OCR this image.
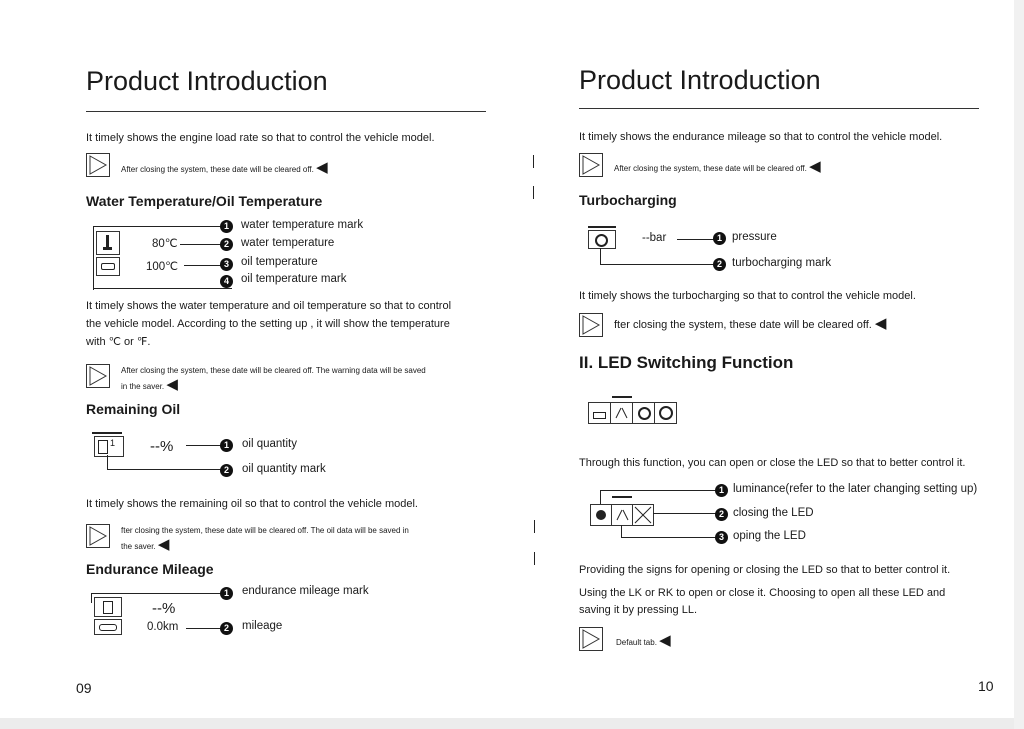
Product Introduction
It timely shows the engine load rate so that to control the vehicle model.
After closing the system, these date will be cleared off. ◀
Water Temperature/Oil Temperature
80℃
100℃
1
2
3
4
water temperature mark
water temperature
oil temperature
oil temperature mark
It timely shows the water temperature and oil temperature so that to control
the vehicle model. According to the setting up , it will show the temperature
with ℃ or ℉.
After closing the system, these date will be cleared off. The warning data will be saved
in the saver. ◀
Remaining Oil
1 --%	1
2
oil quantity
oil quantity mark
It timely shows the remaining oil so that to control the vehicle model.
fter closing the system, these date will be cleared off. The oil data will be saved in
the saver. ◀
Endurance Mileage
--%
0.0km
1
2
endurance mileage mark
mileage
09
Product Introduction
It timely shows the endurance mileage so that to control the vehicle model.
After closing the system, these date will be cleared off. ◀
Turbocharging
--bar	1
2
pressure
turbocharging mark
It timely shows the turbocharging so that to control the vehicle model.
fter closing the system, these date will be cleared off. ◀
II. LED Switching Function
Through this function, you can open or close the LED so that to better control it.
1
2
3
luminance(refer to the later changing setting up)
closing the LED
oping the LED
Providing the signs for opening or closing the LED so that to better control it.
Using the LK or RK to open or close it. Choosing to open all these LED and
saving it by pressing LL.
Default tab. ◀
10
